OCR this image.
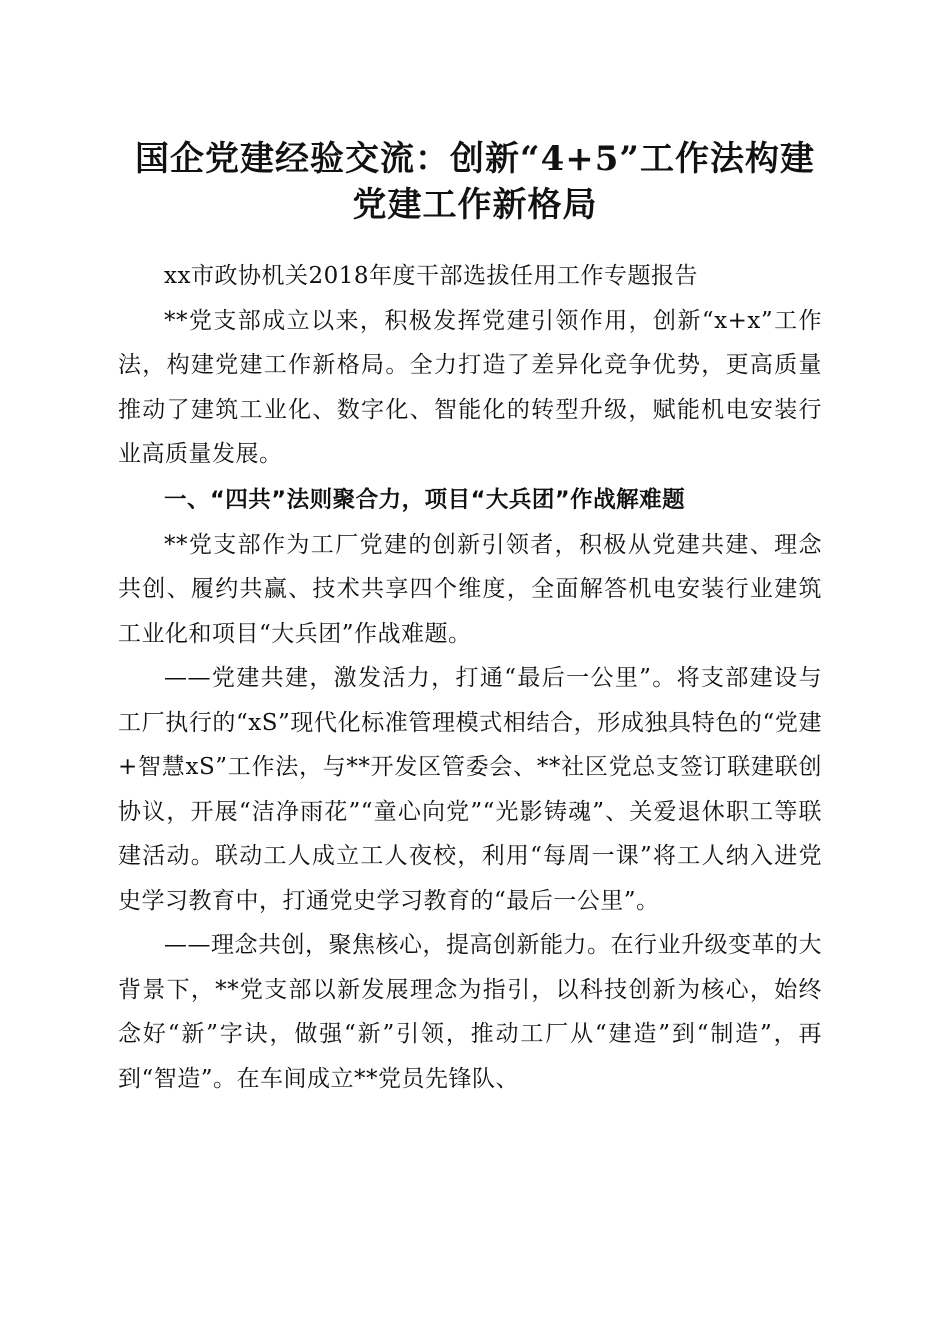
国企党建经验交流：创新“4+5”工作法构建
党建工作新格局

xx市政协机关2018年度干部选拔任用工作专题报告

**党支部成立以来，积极发挥党建引领作用，创新“x+x”工作法，构建党建工作新格局。全力打造了差异化竞争优势，更高质量推动了建筑工业化、数字化、智能化的转型升级，赋能机电安装行业高质量发展。

一、“四共”法则聚合力，项目“大兵团”作战解难题

**党支部作为工厂党建的创新引领者，积极从党建共建、理念共创、履约共赢、技术共享四个维度，全面解答机电安装行业建筑工业化和项目“大兵团”作战难题。

——党建共建，激发活力，打通“最后一公里”。将支部建设与工厂执行的“xS”现代化标准管理模式相结合，形成独具特色的“党建+智慧xS”工作法，与**开发区管委会、**社区党总支签订联建联创协议，开展“洁净雨花”“童心向党”“光影铸魂”、关爱退休职工等联建活动。联动工人成立工人夜校，利用“每周一课”将工人纳入进党史学习教育中，打通党史学习教育的“最后一公里”。

——理念共创，聚焦核心，提高创新能力。在行业升级变革的大背景下，**党支部以新发展理念为指引，以科技创新为核心，始终念好“新”字诀，做强“新”引领，推动工厂从“建造”到“制造”，再到“智造”。在车间成立**党员先锋队、
